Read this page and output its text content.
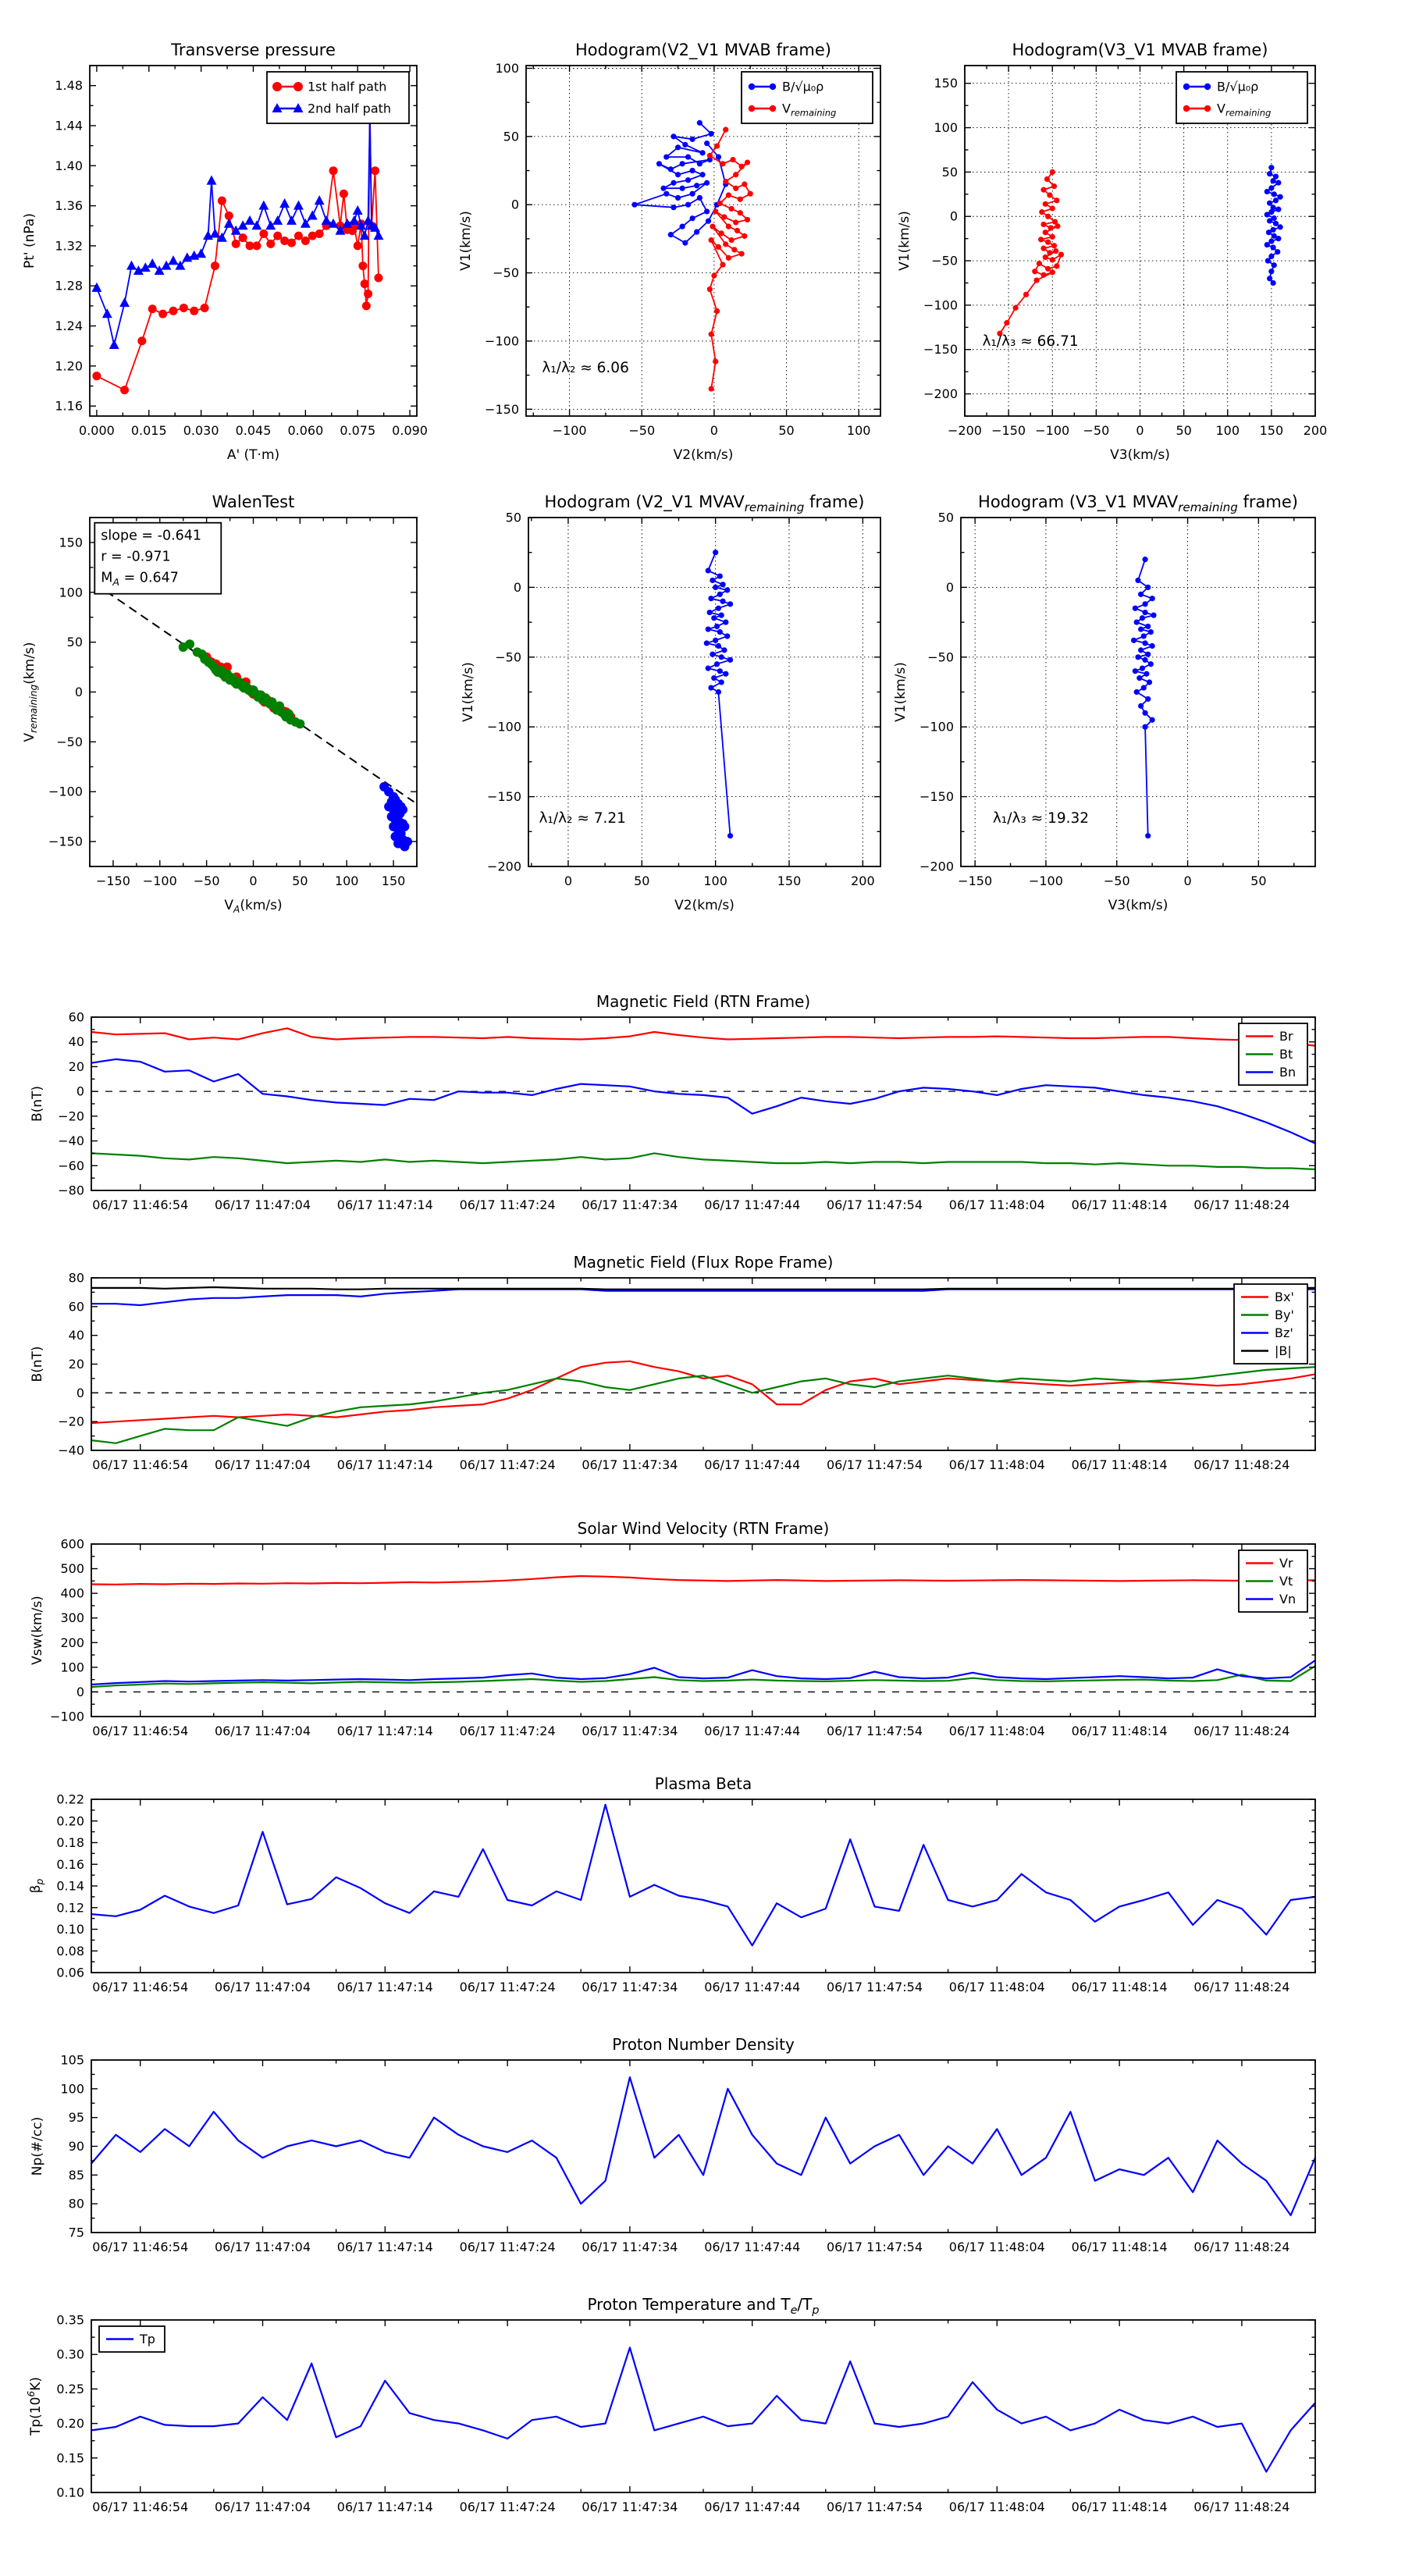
0.000 0.015 0.030 0.045 0.060 0.075 0.090
1.16
1.20
1.24
1.28
1.32
1.36
1.40
1.44
1.48
Transverse pressure
A' (T·m)
Pt' (nPa)
1st half path
2nd half path
−100	−50	0	50	100
−150
−100
−50
0
50
100
Hodogram(V2_V1 MVAB frame)
V2(km/s)
V1(km/s)
B/√μ₀ρ
$V_{remaining}$
λ₁/λ₂ ≈ 6.06
−200 −150 −100 −50 0	50 100 150 200
−200
−150
−100
−50
0
50
100
150
Hodogram(V3_V1 MVAB frame)
V3(km/s)
V1(km/s)
B/√μ₀ρ
$V_{remaining}$
λ₁/λ₃ ≈ 66.71
−150 −100 −50 0	50 100 150
−150
−100
−50
0
50
100
150
WalenTest
$V_A(km/s)$
$V_{remaining}(km/s)$
slope = -0.641
r = -0.971
$M_A = 0.647$
0	50	100	150	200
−200
−150
−100
−50
0
50
Hodogram (V2_V1 $MVAV_{remaining}$ frame)
V2(km/s)
V1(km/s)
λ₁/λ₂ ≈ 7.21
−150	−100	−50	0	50
−200
−150
−100
−50
0
50
Hodogram (V3_V1 $MVAV_{remaining}$ frame)
V3(km/s)
V1(km/s)
λ₁/λ₃ ≈ 19.32
06/17 11:46:54 06/17 11:47:04 06/17 11:47:14 06/17 11:47:24 06/17 11:47:34 06/17 11:47:44 06/17 11:47:54 06/17 11:48:04 06/17 11:48:14 06/17 11:48:24
−80
−60
−40
−20
0
20
40
60
Magnetic Field (RTN Frame)
B(nT)
Br
Bt
Bn
06/17 11:46:54 06/17 11:47:04 06/17 11:47:14 06/17 11:47:24 06/17 11:47:34 06/17 11:47:44 06/17 11:47:54 06/17 11:48:04 06/17 11:48:14 06/17 11:48:24
−40
−20
0
20
40
60
80
Magnetic Field (Flux Rope Frame)
B(nT)
Bx'
By'
Bz'
|B|
06/17 11:46:54 06/17 11:47:04 06/17 11:47:14 06/17 11:47:24 06/17 11:47:34 06/17 11:47:44 06/17 11:47:54 06/17 11:48:04 06/17 11:48:14 06/17 11:48:24
−100
0
100
200
300
400
500
600
Solar Wind Velocity (RTN Frame)
Vsw(km/s)
Vr
Vt
Vn
06/17 11:46:54 06/17 11:47:04 06/17 11:47:14 06/17 11:47:24 06/17 11:47:34 06/17 11:47:44 06/17 11:47:54 06/17 11:48:04 06/17 11:48:14 06/17 11:48:24
0.06
0.08
0.10
0.12
0.14
0.16
0.18
0.20
0.22
Plasma Beta
$\beta_p$
06/17 11:46:54 06/17 11:47:04 06/17 11:47:14 06/17 11:47:24 06/17 11:47:34 06/17 11:47:44 06/17 11:47:54 06/17 11:48:04 06/17 11:48:14 06/17 11:48:24
75
80
85
90
95
100
105
Proton Number Density
Np(#/cc)
06/17 11:46:54 06/17 11:47:04 06/17 11:47:14 06/17 11:47:24 06/17 11:47:34 06/17 11:47:44 06/17 11:47:54 06/17 11:48:04 06/17 11:48:14 06/17 11:48:24
0.10
0.15
0.20
0.25
0.30
0.35
Proton Temperature and $T_e/T_p$
$Tp(10^6K)$
Tp
